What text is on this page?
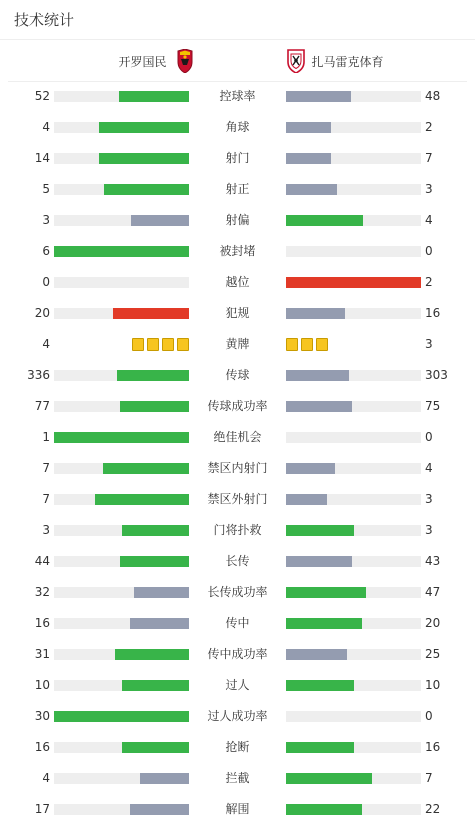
技术统计
开罗国民	扎马雷克体育
52	控球率	48
4	角球	2
14	射门	7
5	射正	3
3	射偏	4
6	被封堵	0
0	越位	2
20	犯规	16
4	黄牌	3
336	传球	303
77	传球成功率	75
1	绝佳机会	0
7	禁区内射门	4
7	禁区外射门	3
3	门将扑救	3
44	长传	43
32	长传成功率	47
16	传中	20
31	传中成功率	25
10	过人	10
30	过人成功率	0
16	抢断	16
4	拦截	7
17	解围	22
